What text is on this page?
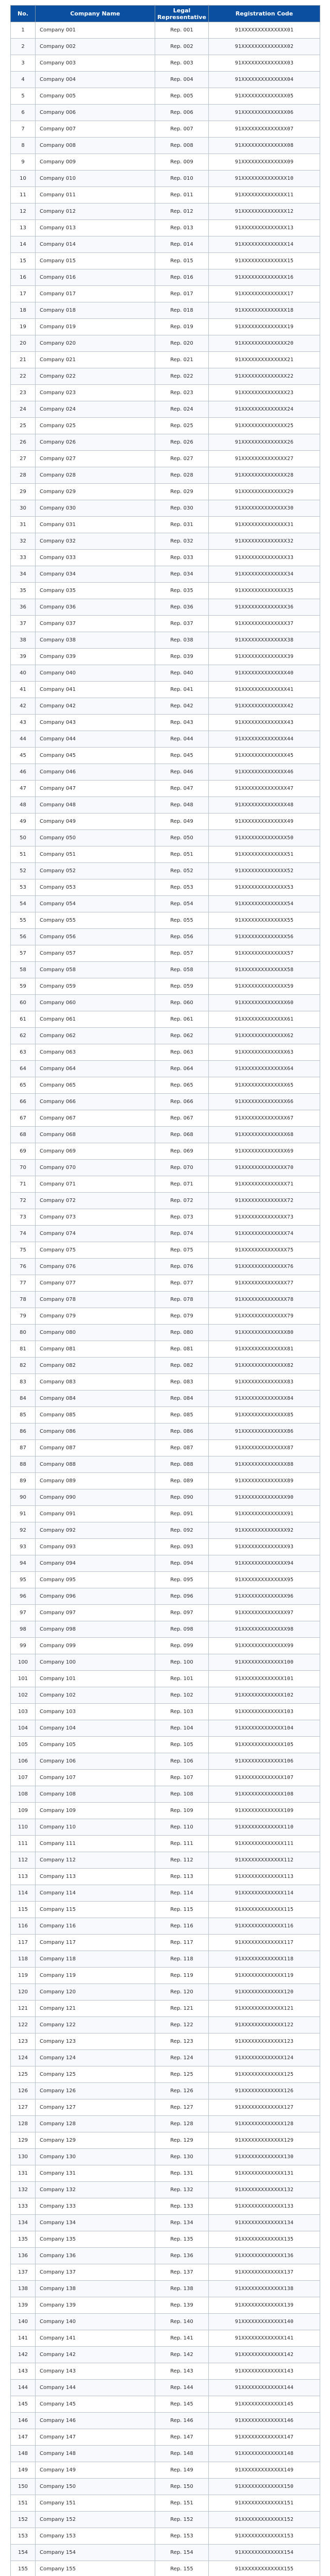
No.	Company Name	Legal Representative	Registration Code
1	Company 001	Rep. 001	91XXXXXXXXXXXXXX01
2	Company 002	Rep. 002	91XXXXXXXXXXXXXX02
3	Company 003	Rep. 003	91XXXXXXXXXXXXXX03
4	Company 004	Rep. 004	91XXXXXXXXXXXXXX04
5	Company 005	Rep. 005	91XXXXXXXXXXXXXX05
6	Company 006	Rep. 006	91XXXXXXXXXXXXXX06
7	Company 007	Rep. 007	91XXXXXXXXXXXXXX07
8	Company 008	Rep. 008	91XXXXXXXXXXXXXX08
9	Company 009	Rep. 009	91XXXXXXXXXXXXXX09
10	Company 010	Rep. 010	91XXXXXXXXXXXXXX10
11	Company 011	Rep. 011	91XXXXXXXXXXXXXX11
12	Company 012	Rep. 012	91XXXXXXXXXXXXXX12
13	Company 013	Rep. 013	91XXXXXXXXXXXXXX13
14	Company 014	Rep. 014	91XXXXXXXXXXXXXX14
15	Company 015	Rep. 015	91XXXXXXXXXXXXXX15
16	Company 016	Rep. 016	91XXXXXXXXXXXXXX16
17	Company 017	Rep. 017	91XXXXXXXXXXXXXX17
18	Company 018	Rep. 018	91XXXXXXXXXXXXXX18
19	Company 019	Rep. 019	91XXXXXXXXXXXXXX19
20	Company 020	Rep. 020	91XXXXXXXXXXXXXX20
21	Company 021	Rep. 021	91XXXXXXXXXXXXXX21
22	Company 022	Rep. 022	91XXXXXXXXXXXXXX22
23	Company 023	Rep. 023	91XXXXXXXXXXXXXX23
24	Company 024	Rep. 024	91XXXXXXXXXXXXXX24
25	Company 025	Rep. 025	91XXXXXXXXXXXXXX25
26	Company 026	Rep. 026	91XXXXXXXXXXXXXX26
27	Company 027	Rep. 027	91XXXXXXXXXXXXXX27
28	Company 028	Rep. 028	91XXXXXXXXXXXXXX28
29	Company 029	Rep. 029	91XXXXXXXXXXXXXX29
30	Company 030	Rep. 030	91XXXXXXXXXXXXXX30
31	Company 031	Rep. 031	91XXXXXXXXXXXXXX31
32	Company 032	Rep. 032	91XXXXXXXXXXXXXX32
33	Company 033	Rep. 033	91XXXXXXXXXXXXXX33
34	Company 034	Rep. 034	91XXXXXXXXXXXXXX34
35	Company 035	Rep. 035	91XXXXXXXXXXXXXX35
36	Company 036	Rep. 036	91XXXXXXXXXXXXXX36
37	Company 037	Rep. 037	91XXXXXXXXXXXXXX37
38	Company 038	Rep. 038	91XXXXXXXXXXXXXX38
39	Company 039	Rep. 039	91XXXXXXXXXXXXXX39
40	Company 040	Rep. 040	91XXXXXXXXXXXXXX40
41	Company 041	Rep. 041	91XXXXXXXXXXXXXX41
42	Company 042	Rep. 042	91XXXXXXXXXXXXXX42
43	Company 043	Rep. 043	91XXXXXXXXXXXXXX43
44	Company 044	Rep. 044	91XXXXXXXXXXXXXX44
45	Company 045	Rep. 045	91XXXXXXXXXXXXXX45
46	Company 046	Rep. 046	91XXXXXXXXXXXXXX46
47	Company 047	Rep. 047	91XXXXXXXXXXXXXX47
48	Company 048	Rep. 048	91XXXXXXXXXXXXXX48
49	Company 049	Rep. 049	91XXXXXXXXXXXXXX49
50	Company 050	Rep. 050	91XXXXXXXXXXXXXX50
51	Company 051	Rep. 051	91XXXXXXXXXXXXXX51
52	Company 052	Rep. 052	91XXXXXXXXXXXXXX52
53	Company 053	Rep. 053	91XXXXXXXXXXXXXX53
54	Company 054	Rep. 054	91XXXXXXXXXXXXXX54
55	Company 055	Rep. 055	91XXXXXXXXXXXXXX55
56	Company 056	Rep. 056	91XXXXXXXXXXXXXX56
57	Company 057	Rep. 057	91XXXXXXXXXXXXXX57
58	Company 058	Rep. 058	91XXXXXXXXXXXXXX58
59	Company 059	Rep. 059	91XXXXXXXXXXXXXX59
60	Company 060	Rep. 060	91XXXXXXXXXXXXXX60
61	Company 061	Rep. 061	91XXXXXXXXXXXXXX61
62	Company 062	Rep. 062	91XXXXXXXXXXXXXX62
63	Company 063	Rep. 063	91XXXXXXXXXXXXXX63
64	Company 064	Rep. 064	91XXXXXXXXXXXXXX64
65	Company 065	Rep. 065	91XXXXXXXXXXXXXX65
66	Company 066	Rep. 066	91XXXXXXXXXXXXXX66
67	Company 067	Rep. 067	91XXXXXXXXXXXXXX67
68	Company 068	Rep. 068	91XXXXXXXXXXXXXX68
69	Company 069	Rep. 069	91XXXXXXXXXXXXXX69
70	Company 070	Rep. 070	91XXXXXXXXXXXXXX70
71	Company 071	Rep. 071	91XXXXXXXXXXXXXX71
72	Company 072	Rep. 072	91XXXXXXXXXXXXXX72
73	Company 073	Rep. 073	91XXXXXXXXXXXXXX73
74	Company 074	Rep. 074	91XXXXXXXXXXXXXX74
75	Company 075	Rep. 075	91XXXXXXXXXXXXXX75
76	Company 076	Rep. 076	91XXXXXXXXXXXXXX76
77	Company 077	Rep. 077	91XXXXXXXXXXXXXX77
78	Company 078	Rep. 078	91XXXXXXXXXXXXXX78
79	Company 079	Rep. 079	91XXXXXXXXXXXXXX79
80	Company 080	Rep. 080	91XXXXXXXXXXXXXX80
81	Company 081	Rep. 081	91XXXXXXXXXXXXXX81
82	Company 082	Rep. 082	91XXXXXXXXXXXXXX82
83	Company 083	Rep. 083	91XXXXXXXXXXXXXX83
84	Company 084	Rep. 084	91XXXXXXXXXXXXXX84
85	Company 085	Rep. 085	91XXXXXXXXXXXXXX85
86	Company 086	Rep. 086	91XXXXXXXXXXXXXX86
87	Company 087	Rep. 087	91XXXXXXXXXXXXXX87
88	Company 088	Rep. 088	91XXXXXXXXXXXXXX88
89	Company 089	Rep. 089	91XXXXXXXXXXXXXX89
90	Company 090	Rep. 090	91XXXXXXXXXXXXXX90
91	Company 091	Rep. 091	91XXXXXXXXXXXXXX91
92	Company 092	Rep. 092	91XXXXXXXXXXXXXX92
93	Company 093	Rep. 093	91XXXXXXXXXXXXXX93
94	Company 094	Rep. 094	91XXXXXXXXXXXXXX94
95	Company 095	Rep. 095	91XXXXXXXXXXXXXX95
96	Company 096	Rep. 096	91XXXXXXXXXXXXXX96
97	Company 097	Rep. 097	91XXXXXXXXXXXXXX97
98	Company 098	Rep. 098	91XXXXXXXXXXXXXX98
99	Company 099	Rep. 099	91XXXXXXXXXXXXXX99
100	Company 100	Rep. 100	91XXXXXXXXXXXXX100
101	Company 101	Rep. 101	91XXXXXXXXXXXXX101
102	Company 102	Rep. 102	91XXXXXXXXXXXXX102
103	Company 103	Rep. 103	91XXXXXXXXXXXXX103
104	Company 104	Rep. 104	91XXXXXXXXXXXXX104
105	Company 105	Rep. 105	91XXXXXXXXXXXXX105
106	Company 106	Rep. 106	91XXXXXXXXXXXXX106
107	Company 107	Rep. 107	91XXXXXXXXXXXXX107
108	Company 108	Rep. 108	91XXXXXXXXXXXXX108
109	Company 109	Rep. 109	91XXXXXXXXXXXXX109
110	Company 110	Rep. 110	91XXXXXXXXXXXXX110
111	Company 111	Rep. 111	91XXXXXXXXXXXXX111
112	Company 112	Rep. 112	91XXXXXXXXXXXXX112
113	Company 113	Rep. 113	91XXXXXXXXXXXXX113
114	Company 114	Rep. 114	91XXXXXXXXXXXXX114
115	Company 115	Rep. 115	91XXXXXXXXXXXXX115
116	Company 116	Rep. 116	91XXXXXXXXXXXXX116
117	Company 117	Rep. 117	91XXXXXXXXXXXXX117
118	Company 118	Rep. 118	91XXXXXXXXXXXXX118
119	Company 119	Rep. 119	91XXXXXXXXXXXXX119
120	Company 120	Rep. 120	91XXXXXXXXXXXXX120
121	Company 121	Rep. 121	91XXXXXXXXXXXXX121
122	Company 122	Rep. 122	91XXXXXXXXXXXXX122
123	Company 123	Rep. 123	91XXXXXXXXXXXXX123
124	Company 124	Rep. 124	91XXXXXXXXXXXXX124
125	Company 125	Rep. 125	91XXXXXXXXXXXXX125
126	Company 126	Rep. 126	91XXXXXXXXXXXXX126
127	Company 127	Rep. 127	91XXXXXXXXXXXXX127
128	Company 128	Rep. 128	91XXXXXXXXXXXXX128
129	Company 129	Rep. 129	91XXXXXXXXXXXXX129
130	Company 130	Rep. 130	91XXXXXXXXXXXXX130
131	Company 131	Rep. 131	91XXXXXXXXXXXXX131
132	Company 132	Rep. 132	91XXXXXXXXXXXXX132
133	Company 133	Rep. 133	91XXXXXXXXXXXXX133
134	Company 134	Rep. 134	91XXXXXXXXXXXXX134
135	Company 135	Rep. 135	91XXXXXXXXXXXXX135
136	Company 136	Rep. 136	91XXXXXXXXXXXXX136
137	Company 137	Rep. 137	91XXXXXXXXXXXXX137
138	Company 138	Rep. 138	91XXXXXXXXXXXXX138
139	Company 139	Rep. 139	91XXXXXXXXXXXXX139
140	Company 140	Rep. 140	91XXXXXXXXXXXXX140
141	Company 141	Rep. 141	91XXXXXXXXXXXXX141
142	Company 142	Rep. 142	91XXXXXXXXXXXXX142
143	Company 143	Rep. 143	91XXXXXXXXXXXXX143
144	Company 144	Rep. 144	91XXXXXXXXXXXXX144
145	Company 145	Rep. 145	91XXXXXXXXXXXXX145
146	Company 146	Rep. 146	91XXXXXXXXXXXXX146
147	Company 147	Rep. 147	91XXXXXXXXXXXXX147
148	Company 148	Rep. 148	91XXXXXXXXXXXXX148
149	Company 149	Rep. 149	91XXXXXXXXXXXXX149
150	Company 150	Rep. 150	91XXXXXXXXXXXXX150
151	Company 151	Rep. 151	91XXXXXXXXXXXXX151
152	Company 152	Rep. 152	91XXXXXXXXXXXXX152
153	Company 153	Rep. 153	91XXXXXXXXXXXXX153
154	Company 154	Rep. 154	91XXXXXXXXXXXXX154
155	Company 155	Rep. 155	91XXXXXXXXXXXXX155
